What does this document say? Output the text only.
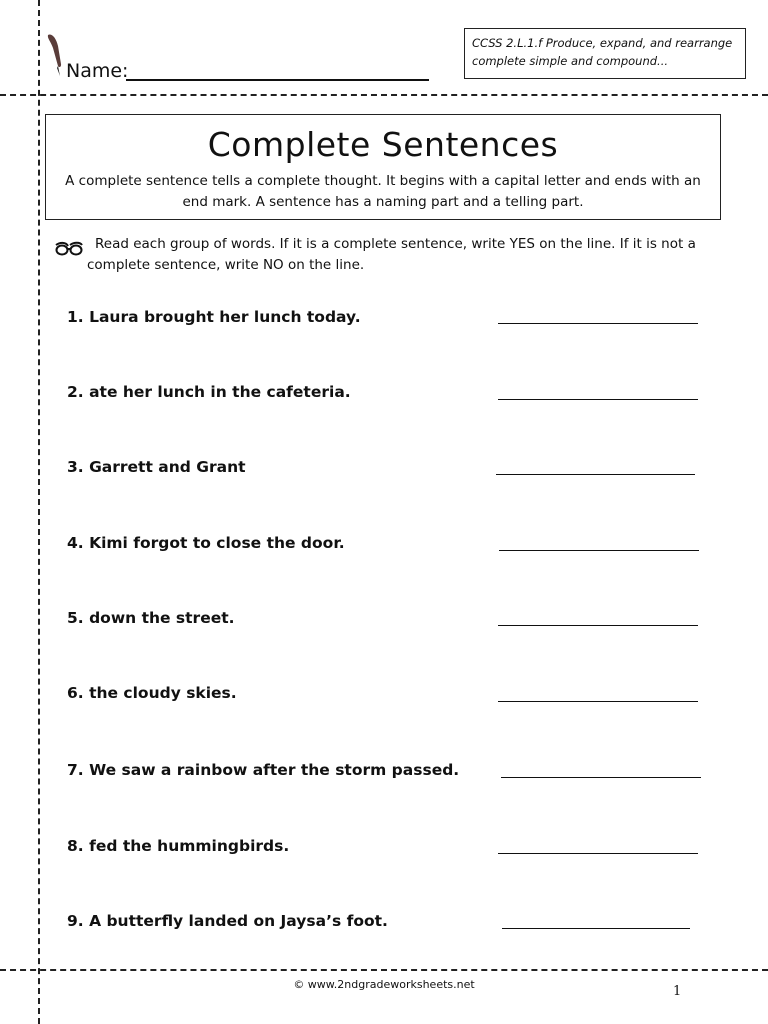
Name:
CCSS 2.L.1.f Produce, expand, and rearrange complete simple and compound...
Complete Sentences
A complete sentence tells a complete thought. It begins with a capital letter and ends with an end mark. A sentence has a naming part and a telling part.
Read each group of words. If it is a complete sentence, write YES on the line. If it is not a complete sentence, write NO on the line.
1. Laura brought her lunch today.
2. ate her lunch in the cafeteria.
3. Garrett and Grant
4. Kimi forgot to close the door.
5. down the street.
6. the cloudy skies.
7. We saw a rainbow after the storm passed.
8. fed the hummingbirds.
9. A butterfly landed on Jaysa’s foot.
© www.2ndgradeworksheets.net	1
